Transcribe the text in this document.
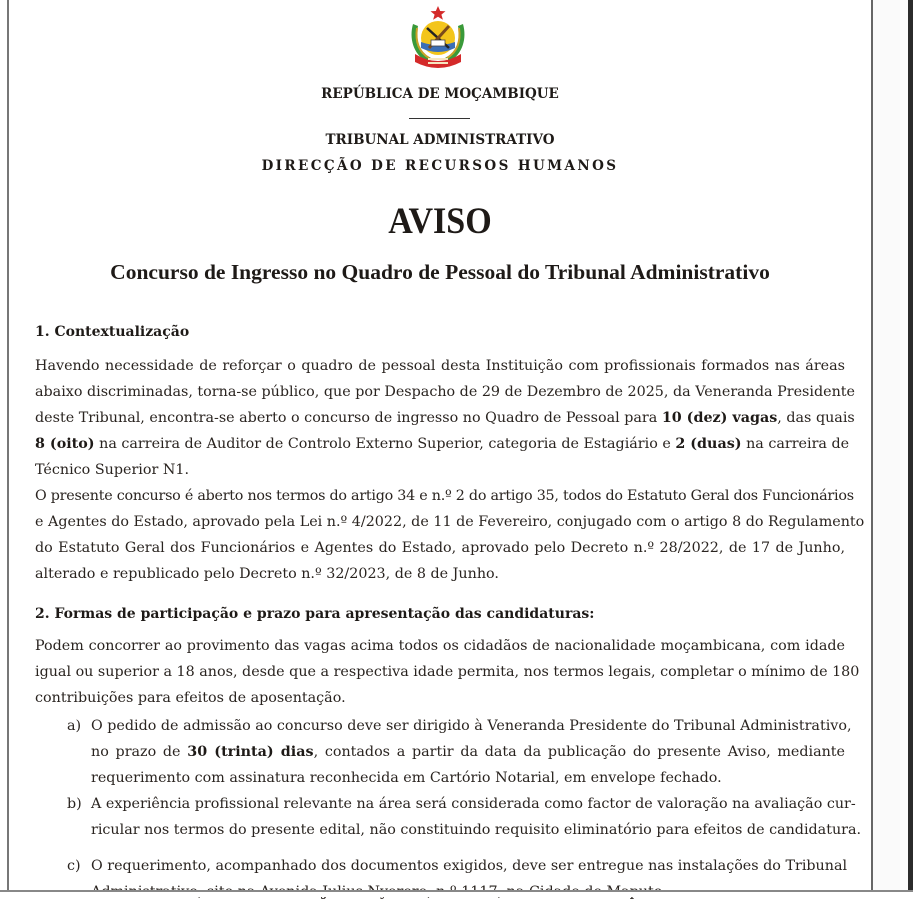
REPÚBLICA DE MOÇAMBIQUE
TRIBUNAL ADMINISTRATIVO
DIRECÇÃO DE RECURSOS HUMANOS
AVISO
Concurso de Ingresso no Quadro de Pessoal do Tribunal Administrativo
1. Contextualização
Havendo necessidade de reforçar o quadro de pessoal desta Instituição com profissionais formados nas áreas
abaixo discriminadas, torna-se público, que por Despacho de 29 de Dezembro de 2025, da Veneranda Presidente
deste Tribunal, encontra-se aberto o concurso de ingresso no Quadro de Pessoal para 10 (dez) vagas, das quais
8 (oito) na carreira de Auditor de Controlo Externo Superior, categoria de Estagiário e 2 (duas) na carreira de
Técnico Superior N1.
O presente concurso é aberto nos termos do artigo 34 e n.º 2 do artigo 35, todos do Estatuto Geral dos Funcionários
e Agentes do Estado, aprovado pela Lei n.º 4/2022, de 11 de Fevereiro, conjugado com o artigo 8 do Regulamento
do Estatuto Geral dos Funcionários e Agentes do Estado, aprovado pelo Decreto n.º 28/2022, de 17 de Junho,
alterado e republicado pelo Decreto n.º 32/2023, de 8 de Junho.
2. Formas de participação e prazo para apresentação das candidaturas:
Podem concorrer ao provimento das vagas acima todos os cidadãos de nacionalidade moçambicana, com idade
igual ou superior a 18 anos, desde que a respectiva idade permita, nos termos legais, completar o mínimo de 180
contribuições para efeitos de aposentação.
a) O pedido de admissão ao concurso deve ser dirigido à Veneranda Presidente do Tribunal Administrativo,
no prazo de 30 (trinta) dias, contados a partir da data da publicação do presente Aviso, mediante
requerimento com assinatura reconhecida em Cartório Notarial, em envelope fechado.
b) A experiência profissional relevante na área será considerada como factor de valoração na avaliação cur-
ricular nos termos do presente edital, não constituindo requisito eliminatório para efeitos de candidatura.
c) O requerimento, acompanhado dos documentos exigidos, deve ser entregue nas instalações do Tribunal
